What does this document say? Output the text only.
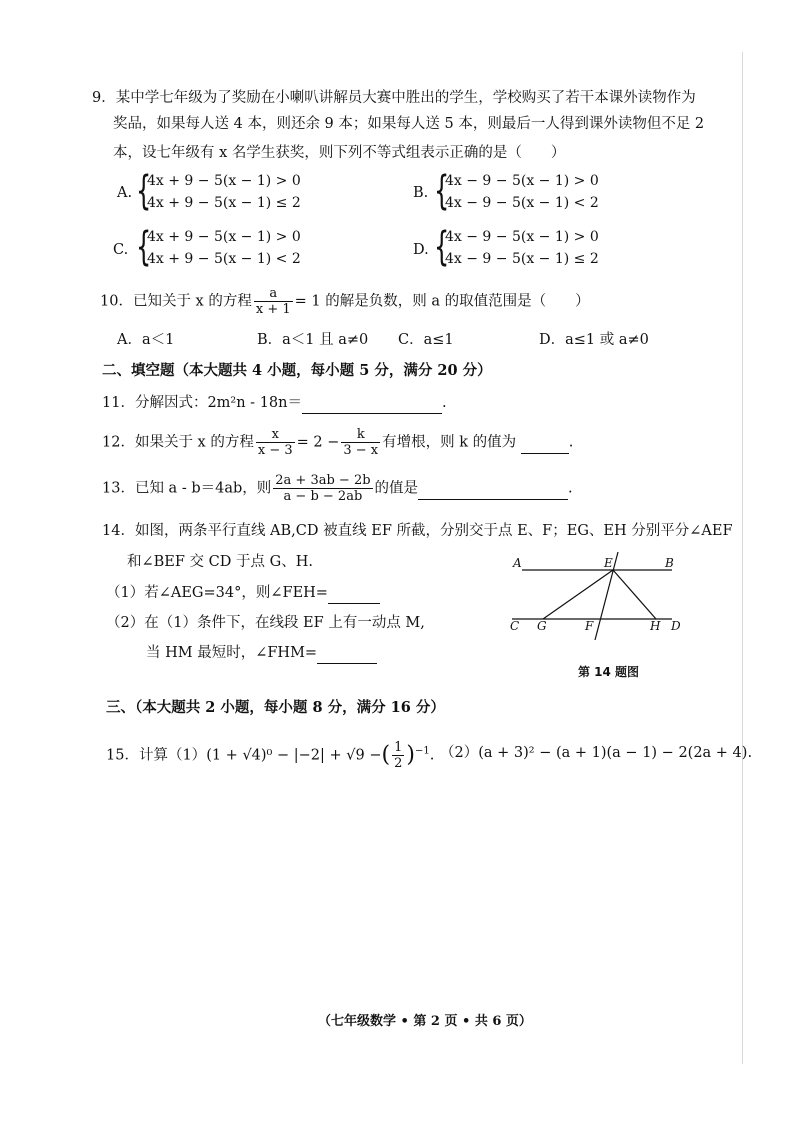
9．某中学七年级为了奖励在小喇叭讲解员大赛中胜出的学生，学校购买了若干本课外读物作为
奖品，如果每人送 4 本，则还余 9 本；如果每人送 5 本，则最后一人得到课外读物但不足 2
本，设七年级有 x 名学生获奖，则下列不等式组表示正确的是（　　）
A. {
4x + 9 − 5(x − 1) > 0
4x + 9 − 5(x − 1) ≤ 2
B. {
4x − 9 − 5(x − 1) > 0
4x − 9 − 5(x − 1) < 2
C. {
4x + 9 − 5(x − 1) > 0
4x + 9 − 5(x − 1) < 2
D. {
4x − 9 − 5(x − 1) > 0
4x − 9 − 5(x − 1) ≤ 2
10．已知关于 x 的方程 $\frac{a}{x + 1} = 1$ 的解是负数，则 a 的取值范围是（　　）
A．a＜1	B．a＜1 且 a≠0 C．a≤1	D．a≤1 或 a≠0
二、填空题（本大题共 4 小题，每小题 5 分，满分 20 分）
11．分解因式：2m²n - 18n＝	.
12．如果关于 x 的方程 $\frac{x}{x - 3} = 2 - \frac{k}{3 - x}$ 有增根，则 k 的值为	.
13．已知 a - b＝4ab，则 $\frac{2a + 3ab - 2b}{a - b - 2ab}$ 的值是	.
14．如图，两条平行直线 AB,CD 被直线 EF 所截，分别交于点 E、F；EG、EH 分别平分∠AEF
和∠BEF 交 CD 于点 G、H.
（1）若∠AEG=34°，则∠FEH=
（2）在（1）条件下，在线段 EF 上有一动点 M,
当 HM 最短时，∠FHM=
A	B
E
C G	F	H D
第 14 题图
三、（本大题共 2 小题，每小题 8 分，满分 16 分）
15．计算（1）(1 + √4)⁰ − |−2| + √9 −( $\frac{1}{2} )^{-1}$. （2）(a + 3)² − (a + 1)(a − 1) − 2(2a + 4).
（七年级数学 • 第 2 页 • 共 6 页）
